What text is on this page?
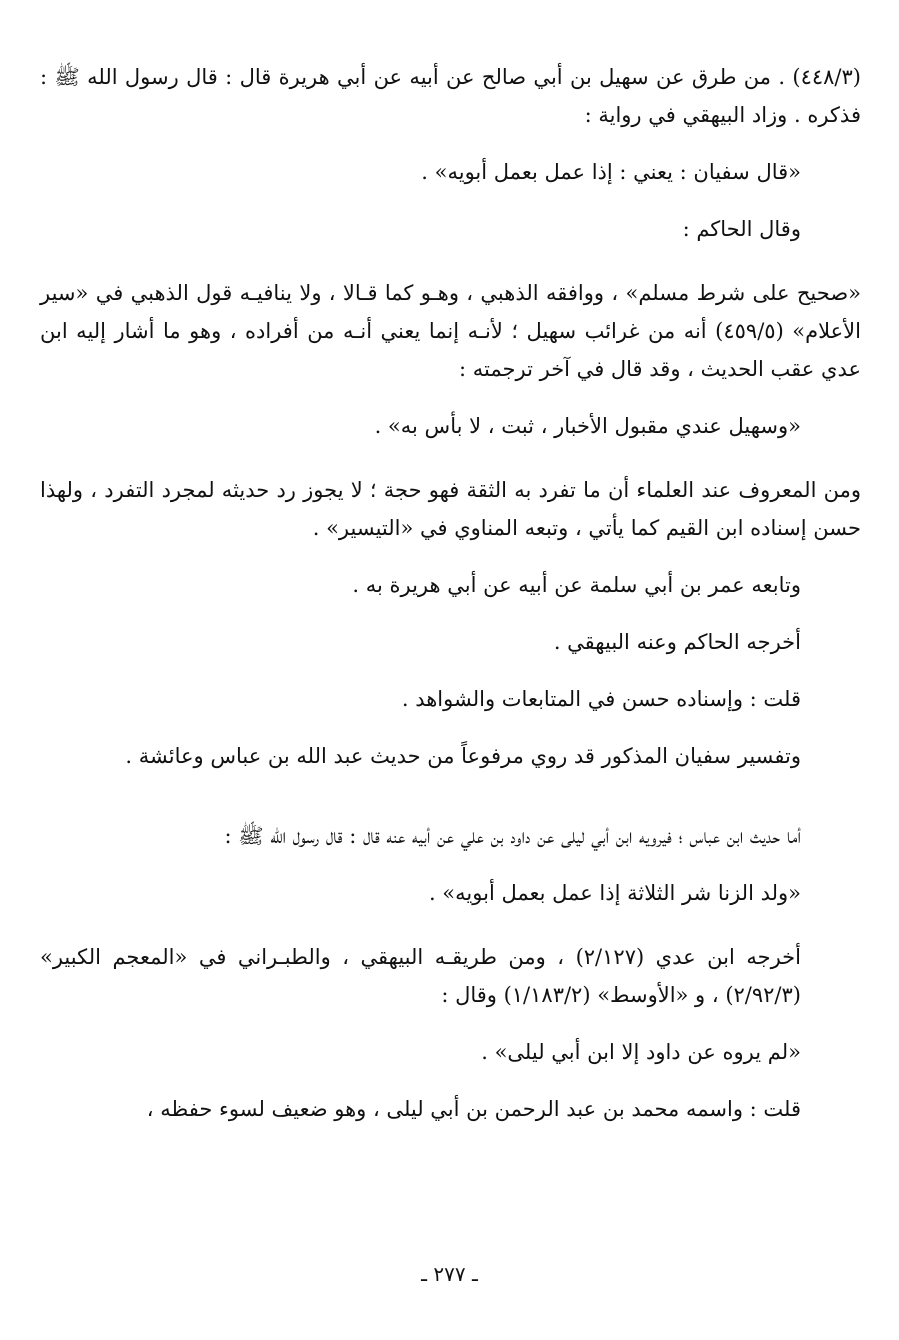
(٤٤٨/٣) . من طرق عن سهيل بن أبي صالح عن أبيه عن أبي هريرة قال : قال رسول الله ﷺ : فذكره . وزاد البيهقي في رواية :

«قال سفيان : يعني : إذا عمل بعمل أبويه» .

وقال الحاكم :

«صحيح على شرط مسلم» ، ووافقه الذهبي ، وهـو كما قـالا ، ولا ينافيـه قول الذهبي في «سير الأعلام» (٤٥٩/٥) أنه من غرائب سهيل ؛ لأنـه إنما يعني أنـه من أفراده ، وهو ما أشار إليه ابن عدي عقب الحديث ، وقد قال في آخر ترجمته :

«وسهيل عندي مقبول الأخبار ، ثبت ، لا بأس به» .

ومن المعروف عند العلماء أن ما تفرد به الثقة فهو حجة ؛ لا يجوز رد حديثه لمجرد التفرد ، ولهذا حسن إسناده ابن القيم كما يأتي ، وتبعه المناوي في «التيسير» .

وتابعه عمر بن أبي سلمة عن أبيه عن أبي هريرة به .

أخرجه الحاكم وعنه البيهقي .

قلت : وإسناده حسن في المتابعات والشواهد .

وتفسير سفيان المذكور قد روي مرفوعاً من حديث عبد الله بن عباس وعائشة .

أما حديث ابن عباس ؛ فيرويه ابن أبي ليلى عن داود بن علي عن أبيه عنه قال : قال رسول الله ﷺ :

«ولد الزنا شر الثلاثة إذا عمل بعمل أبويه» .

أخرجه ابن عدي (٢/١٢٧) ، ومن طريقـه البيهقي ، والطبـراني في «المعجم الكبير» (٢/٩٢/٣) ، و «الأوسط» (١/١٨٣/٢) وقال :

«لم يروه عن داود إلا ابن أبي ليلى» .

قلت : واسمه محمد بن عبد الرحمن بن أبي ليلى ، وهو ضعيف لسوء حفظه ،

ـ ٢٧٧ ـ
